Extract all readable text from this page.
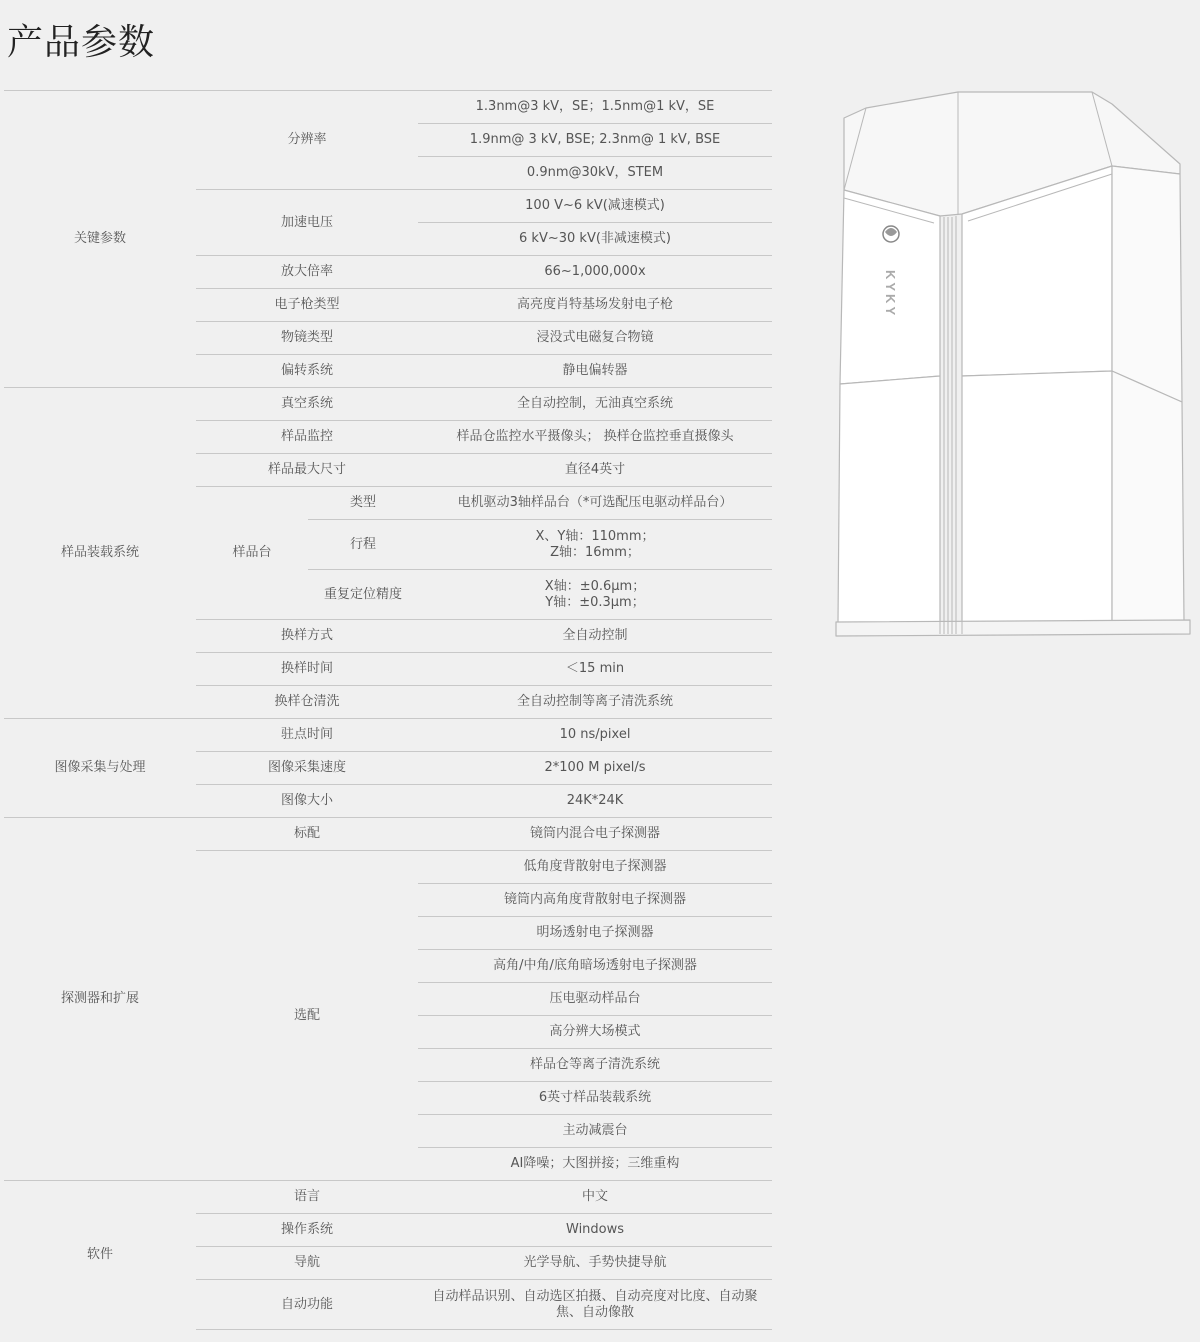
产品参数
关键参数	分辨率		1.3nm@3 kV，SE；1.5nm@1 kV，SE
			1.9nm@ 3 kV, BSE; 2.3nm@ 1 kV, BSE
			0.9nm@30kV，STEM
	加速电压		100 V~6 kV(减速模式)
			6 kV~30 kV(非减速模式)
	放大倍率		66~1,000,000x
	电子枪类型		高亮度肖特基场发射电子枪
	物镜类型		浸没式电磁复合物镜
	偏转系统		静电偏转器
样品装载系统	真空系统		全自动控制，无油真空系统
	样品监控		样品仓监控水平摄像头； 换样仓监控垂直摄像头
	样品最大尺寸		直径4英寸
	样品台	类型	电机驱动3轴样品台（*可选配压电驱动样品台）
		行程	X、Y轴：110mm；
Z轴：16mm；

		重复定位精度	X轴：±0.6μm；
Y轴：±0.3μm；

	换样方式		全自动控制
	换样时间		＜15 min
	换样仓清洗		全自动控制等离子清洗系统
图像采集与处理	驻点时间		10 ns/pixel
	图像采集速度		2*100 M pixel/s
	图像大小		24K*24K
探测器和扩展	标配		镜筒内混合电子探测器
	选配		低角度背散射电子探测器
			镜筒内高角度背散射电子探测器
			明场透射电子探测器
			高角/中角/底角暗场透射电子探测器
			压电驱动样品台
			高分辨大场模式
			样品仓等离子清洗系统
			6英寸样品装载系统
			主动减震台
			AI降噪；大图拼接；三维重构
软件	语言		中文
	操作系统		Windows
	导航		光学导航、手势快捷导航
	自动功能		自动样品识别、自动选区拍摄、自动亮度对比度、自动聚
焦、自动像散
KYKY
